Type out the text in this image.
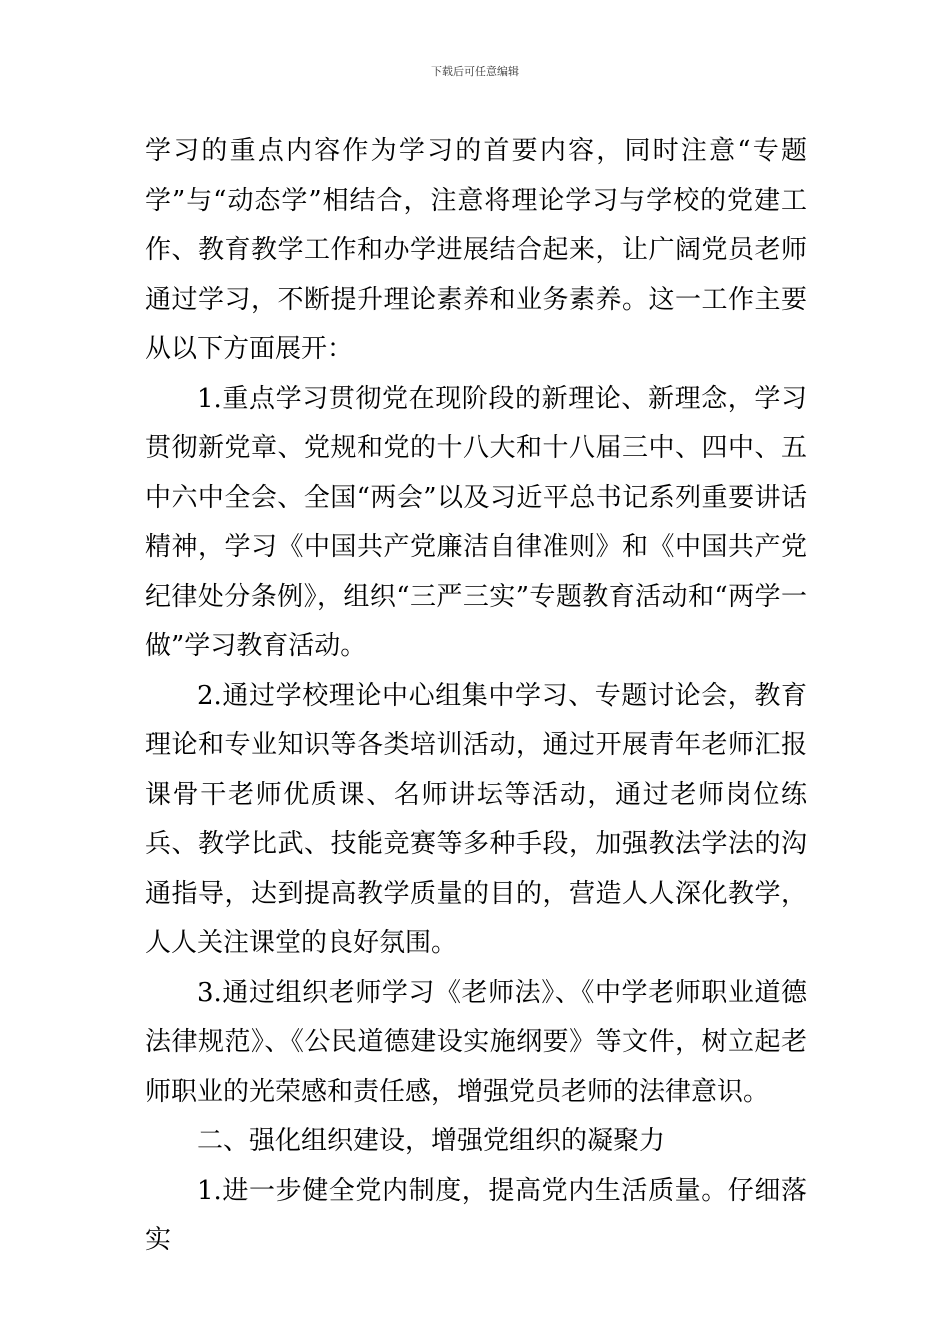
下载后可任意编辑

学习的重点内容作为学习的首要内容，同时注意“专题学”与“动态学”相结合，注意将理论学习与学校的党建工作、教育教学工作和办学进展结合起来，让广阔党员老师通过学习，不断提升理论素养和业务素养。这一工作主要从以下方面展开：

1.重点学习贯彻党在现阶段的新理论、新理念，学习贯彻新党章、党规和党的十八大和十八届三中、四中、五中六中全会、全国“两会”以及习近平总书记系列重要讲话精神，学习《中国共产党廉洁自律准则》和《中国共产党纪律处分条例》，组织“三严三实”专题教育活动和“两学一做”学习教育活动。

2.通过学校理论中心组集中学习、专题讨论会，教育理论和专业知识等各类培训活动，通过开展青年老师汇报课骨干老师优质课、名师讲坛等活动，通过老师岗位练兵、教学比武、技能竞赛等多种手段，加强教法学法的沟通指导，达到提高教学质量的目的，营造人人深化教学，人人关注课堂的良好氛围。

3.通过组织老师学习《老师法》、《中学老师职业道德法律规范》、《公民道德建设实施纲要》等文件，树立起老师职业的光荣感和责任感，增强党员老师的法律意识。

二、强化组织建设，增强党组织的凝聚力

1.进一步健全党内制度，提高党内生活质量。仔细落实
